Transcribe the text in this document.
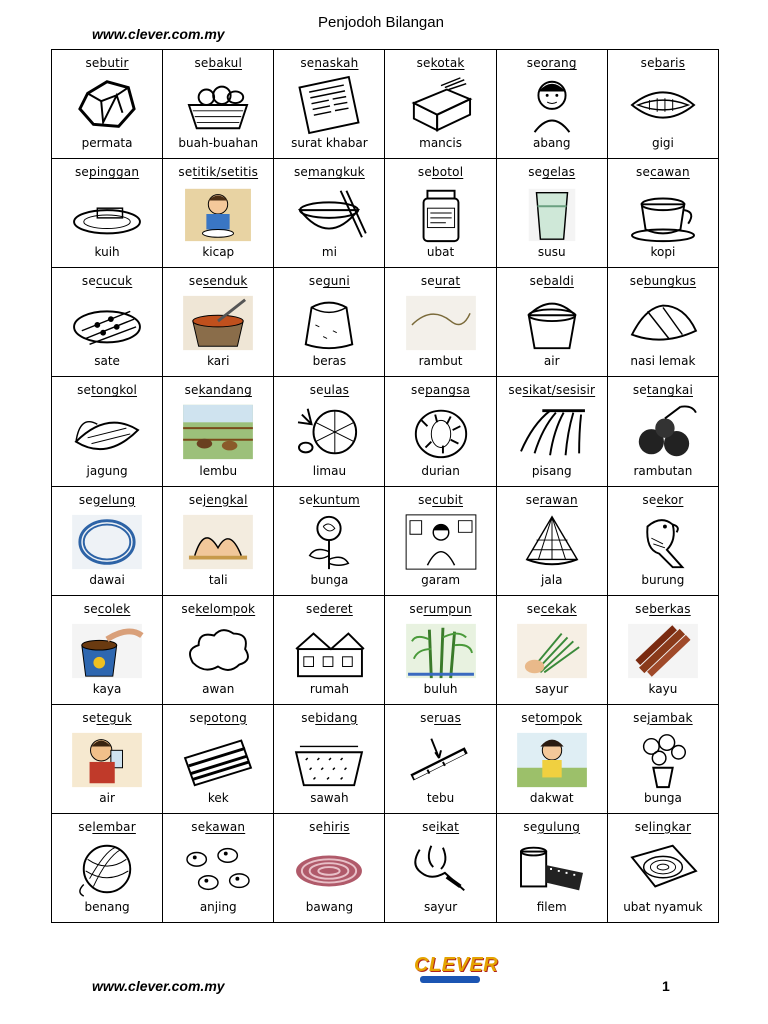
www.clever.com.my
Penjodoh Bilangan
sebutir
permata
sebakul
buah-buahan
senaskah
surat khabar
sekotak
mancis
seorang
abang
sebaris
gigi
sepinggan
kuih
setitik/setitis
kicap
semangkuk
mi
sebotol
ubat
segelas
susu
secawan
kopi
secucuk
sate
sesenduk
kari
seguni
beras
seurat
rambut
sebaldi
air
sebungkus
nasi lemak
setongkol
jagung
sekandang
lembu
seulas
limau
sepangsa
durian
sesikat/sesisir
pisang
setangkai
rambutan
segelung
dawai
sejengkal
tali
sekuntum
bunga
secubit
garam
serawan
jala
seekor
burung
secolek
kaya
sekelompok
awan
sederet
rumah
serumpun
buluh
secekak
sayur
seberkas
kayu
seteguk
air
sepotong
kek
sebidang
sawah
seruas
tebu
setompok
dakwat
sejambak
bunga
selembar
benang
sekawan
anjing
sehiris
bawang
seikat
sayur
segulung
filem
selingkar
ubat nyamuk
www.clever.com.my
CLEVER
1
